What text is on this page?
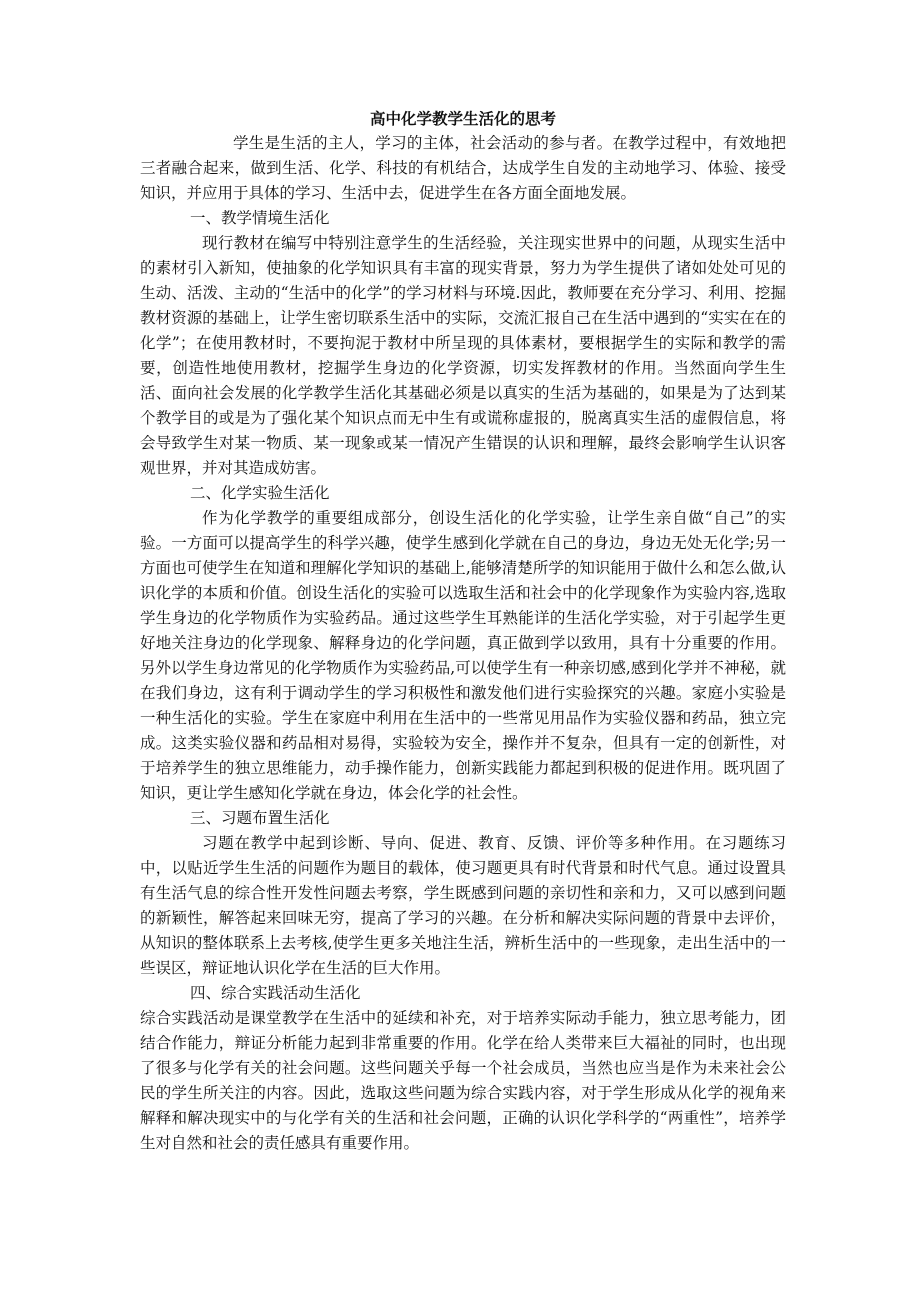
高中化学教学生活化的思考

学生是生活的主人，学习的主体，社会活动的参与者。在教学过程中，有效地把三者融合起来，做到生活、化学、科技的有机结合，达成学生自发的主动地学习、体验、接受知识，并应用于具体的学习、生活中去，促进学生在各方面全面地发展。

一、教学情境生活化

现行教材在编写中特别注意学生的生活经验，关注现实世界中的问题，从现实生活中的素材引入新知，使抽象的化学知识具有丰富的现实背景，努力为学生提供了诸如处处可见的生动、活泼、主动的“生活中的化学”的学习材料与环境.因此，教师要在充分学习、利用、挖掘教材资源的基础上，让学生密切联系生活中的实际，交流汇报自己在生活中遇到的“实实在在的化学”；在使用教材时，不要拘泥于教材中所呈现的具体素材，要根据学生的实际和教学的需要，创造性地使用教材，挖掘学生身边的化学资源，切实发挥教材的作用。当然面向学生生活、面向社会发展的化学教学生活化其基础必须是以真实的生活为基础的，如果是为了达到某个教学目的或是为了强化某个知识点而无中生有或谎称虚报的，脱离真实生活的虚假信息，将会导致学生对某一物质、某一现象或某一情况产生错误的认识和理解，最终会影响学生认识客观世界，并对其造成妨害。

二、化学实验生活化

作为化学教学的重要组成部分，创设生活化的化学实验，让学生亲自做“自己”的实验。一方面可以提高学生的科学兴趣，使学生感到化学就在自己的身边，身边无处无化学;另一方面也可使学生在知道和理解化学知识的基础上,能够清楚所学的知识能用于做什么和怎么做,认识化学的本质和价值。创设生活化的实验可以选取生活和社会中的化学现象作为实验内容,选取学生身边的化学物质作为实验药品。通过这些学生耳熟能详的生活化学实验，对于引起学生更好地关注身边的化学现象、解释身边的化学问题，真正做到学以致用，具有十分重要的作用。另外以学生身边常见的化学物质作为实验药品,可以使学生有一种亲切感,感到化学并不神秘，就在我们身边，这有利于调动学生的学习积极性和激发他们进行实验探究的兴趣。家庭小实验是一种生活化的实验。学生在家庭中利用在生活中的一些常见用品作为实验仪器和药品，独立完成。这类实验仪器和药品相对易得，实验较为安全，操作并不复杂，但具有一定的创新性，对于培养学生的独立思维能力，动手操作能力，创新实践能力都起到积极的促进作用。既巩固了知识，更让学生感知化学就在身边，体会化学的社会性。

三、习题布置生活化

习题在教学中起到诊断、导向、促进、教育、反馈、评价等多种作用。在习题练习中，以贴近学生生活的问题作为题目的载体，使习题更具有时代背景和时代气息。通过设置具有生活气息的综合性开发性问题去考察，学生既感到问题的亲切性和亲和力，又可以感到问题的新颖性，解答起来回味无穷，提高了学习的兴趣。在分析和解决实际问题的背景中去评价，从知识的整体联系上去考核,使学生更多关地注生活，辨析生活中的一些现象，走出生活中的一些误区，辩证地认识化学在生活的巨大作用。

四、综合实践活动生活化

综合实践活动是课堂教学在生活中的延续和补充，对于培养实际动手能力，独立思考能力，团结合作能力，辩证分析能力起到非常重要的作用。化学在给人类带来巨大福祉的同时，也出现了很多与化学有关的社会问题。这些问题关乎每一个社会成员，当然也应当是作为未来社会公民的学生所关注的内容。因此，选取这些问题为综合实践内容，对于学生形成从化学的视角来解释和解决现实中的与化学有关的生活和社会问题，正确的认识化学科学的“两重性”，培养学生对自然和社会的责任感具有重要作用。
